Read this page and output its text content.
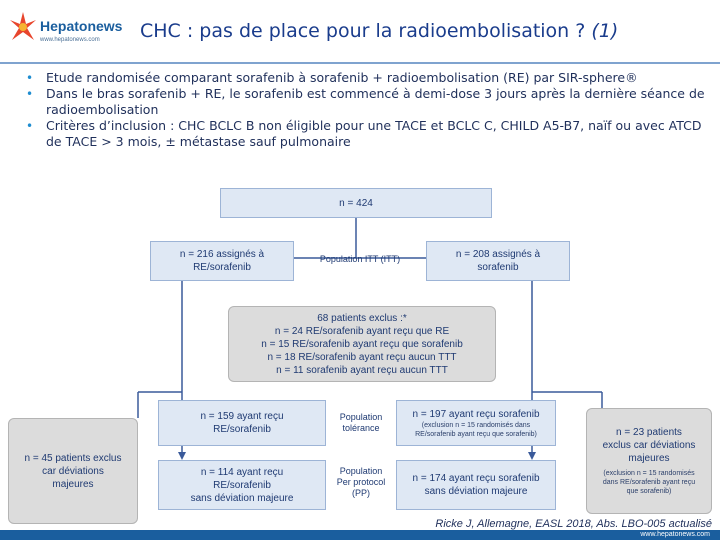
Hepatonews
www.hepatonews.com CHC : pas de place pour la radioembolisation ? (1)
• Etude randomisée comparant sorafenib à sorafenib + radioembolisation (RE) par SIR-sphere®
• Dans le bras sorafenib + RE, le sorafenib est commencé à demi-dose 3 jours après la dernière séance de radioembolisation
• Critères d’inclusion : CHC BCLC B non éligible pour une TACE et BCLC C, CHILD A5-B7, naïf ou avec ATCD de TACE > 3 mois, ± métastase sauf pulmonaire
n = 424
n = 216 assignés à
RE/sorafenib
Population ITT (ITT)	n = 208 assignés à
sorafenib
68 patients exclus :*
n = 24 RE/sorafenib ayant reçu que RE
n = 15 RE/sorafenib ayant reçu que sorafenib
n = 18 RE/sorafenib ayant reçu aucun TTT
n = 11 sorafenib ayant reçu aucun TTT
n = 45 patients exclus
car déviations
majeures
n = 159 ayant reçu
RE/sorafenib
Population
tolérance
n = 197 ayant reçu sorafenib
(exclusion n = 15 randomisés dans
RE/sorafenib ayant reçu que sorafenib)
n = 114 ayant reçu
RE/sorafenib
sans déviation majeure
Population
Per protocol
(PP)
n = 174 ayant reçu sorafenib
sans déviation majeure
n = 23 patients
exclus car déviations
majeures
(exclusion n = 15 randomisés
dans RE/sorafenib ayant reçu
que sorafenib)
Ricke J, Allemagne, EASL 2018, Abs. LBO-005 actualisé
www.hepatonews.com
